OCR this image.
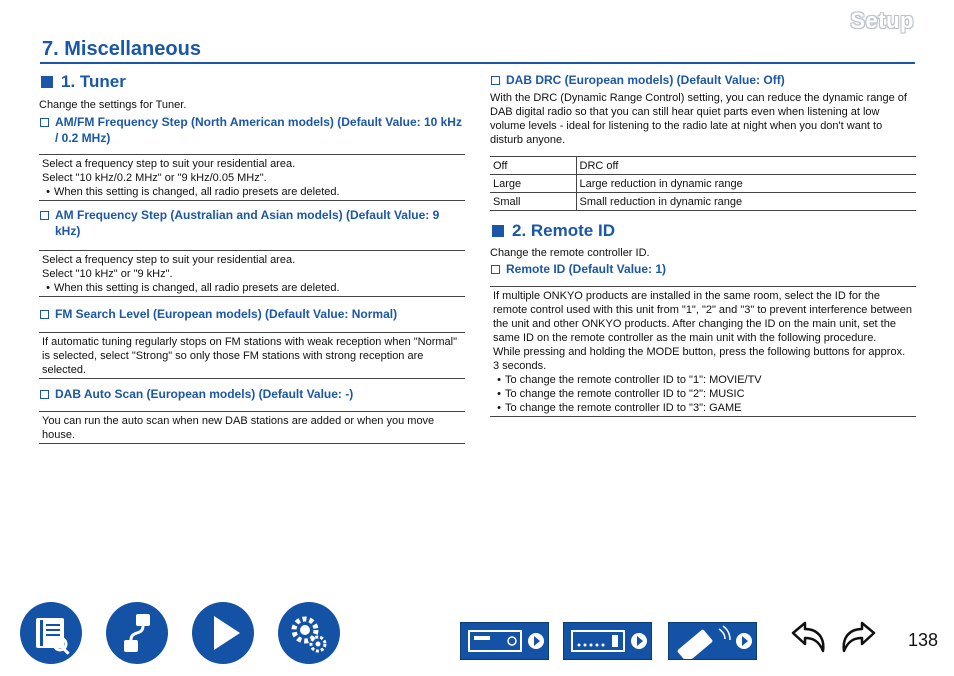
Setup
7. Miscellaneous
1. Tuner
Change the settings for Tuner.
AM/FM Frequency Step (North American models) (Default Value: 10 kHz / 0.2 MHz)
Select a frequency step to suit your residential area.
Select "10 kHz/0.2 MHz" or "9 kHz/0.05 MHz".
• When this setting is changed, all radio presets are deleted.
AM Frequency Step (Australian and Asian models) (Default Value: 9 kHz)
Select a frequency step to suit your residential area.
Select "10 kHz" or "9 kHz".
• When this setting is changed, all radio presets are deleted.
FM Search Level (European models) (Default Value: Normal)
If automatic tuning regularly stops on FM stations with weak reception when "Normal" is selected, select "Strong" so only those FM stations with strong reception are selected.
DAB Auto Scan (European models) (Default Value: -)
You can run the auto scan when new DAB stations are added or when you move house.
DAB DRC (European models) (Default Value: Off)
With the DRC (Dynamic Range Control) setting, you can reduce the dynamic range of DAB digital radio so that you can still hear quiet parts even when listening at low volume levels - ideal for listening to the radio late at night when you don't want to disturb anyone.
Off	DRC off
Large	Large reduction in dynamic range
Small	Small reduction in dynamic range
2. Remote ID
Change the remote controller ID.
Remote ID (Default Value: 1)
If multiple ONKYO products are installed in the same room, select the ID for the remote control used with this unit from "1", "2" and "3" to prevent interference between the unit and other ONKYO products. After changing the ID on the main unit, set the same ID on the remote controller as the main unit with the following procedure.
While pressing and holding the MODE button, press the following buttons for approx. 3 seconds.
• To change the remote controller ID to "1": MOVIE/TV
• To change the remote controller ID to "2": MUSIC
• To change the remote controller ID to "3": GAME
138
